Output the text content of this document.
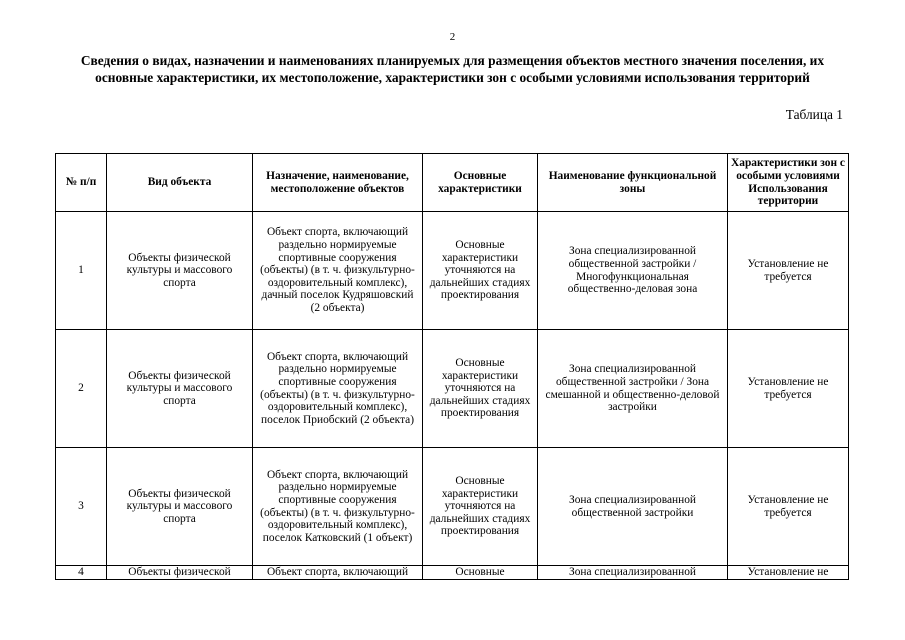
2
Сведения о видах, назначении и наименованиях планируемых для размещения объектов местного значения поселения, их основные характеристики, их местоположение, характеристики зон с особыми условиями использования территорий
Таблица 1
№ п/п	Вид объекта	Назначение, наименование, местоположение объектов	Основные характеристики	Наименование функциональной зоны	Характеристики зон с особыми условиями Использования территории
1	Объекты физической культуры и массового спорта	Объект спорта, включающий раздельно нормируемые спортивные сооружения (объекты) (в т. ч. физкультурно-оздоровительный комплекс), дачный поселок Кудряшовский (2 объекта)	Основные характеристики уточняются на дальнейших стадиях проектирования	Зона специализированной общественной застройки / Многофункциональная общественно-деловая зона	Установление не требуется
2	Объекты физической культуры и массового спорта	Объект спорта, включающий раздельно нормируемые спортивные сооружения (объекты) (в т. ч. физкультурно-оздоровительный комплекс), поселок Приобский (2 объекта)	Основные характеристики уточняются на дальнейших стадиях проектирования	Зона специализированной общественной застройки / Зона смешанной и общественно-деловой застройки	Установление не требуется
3	Объекты физической культуры и массового спорта	Объект спорта, включающий раздельно нормируемые спортивные сооружения (объекты) (в т. ч. физкультурно-оздоровительный комплекс), поселок Катковский (1 объект)	Основные характеристики уточняются на дальнейших стадиях проектирования	Зона специализированной общественной застройки	Установление не требуется
4	Объекты физической	Объект спорта, включающий	Основные	Зона специализированной	Установление не
